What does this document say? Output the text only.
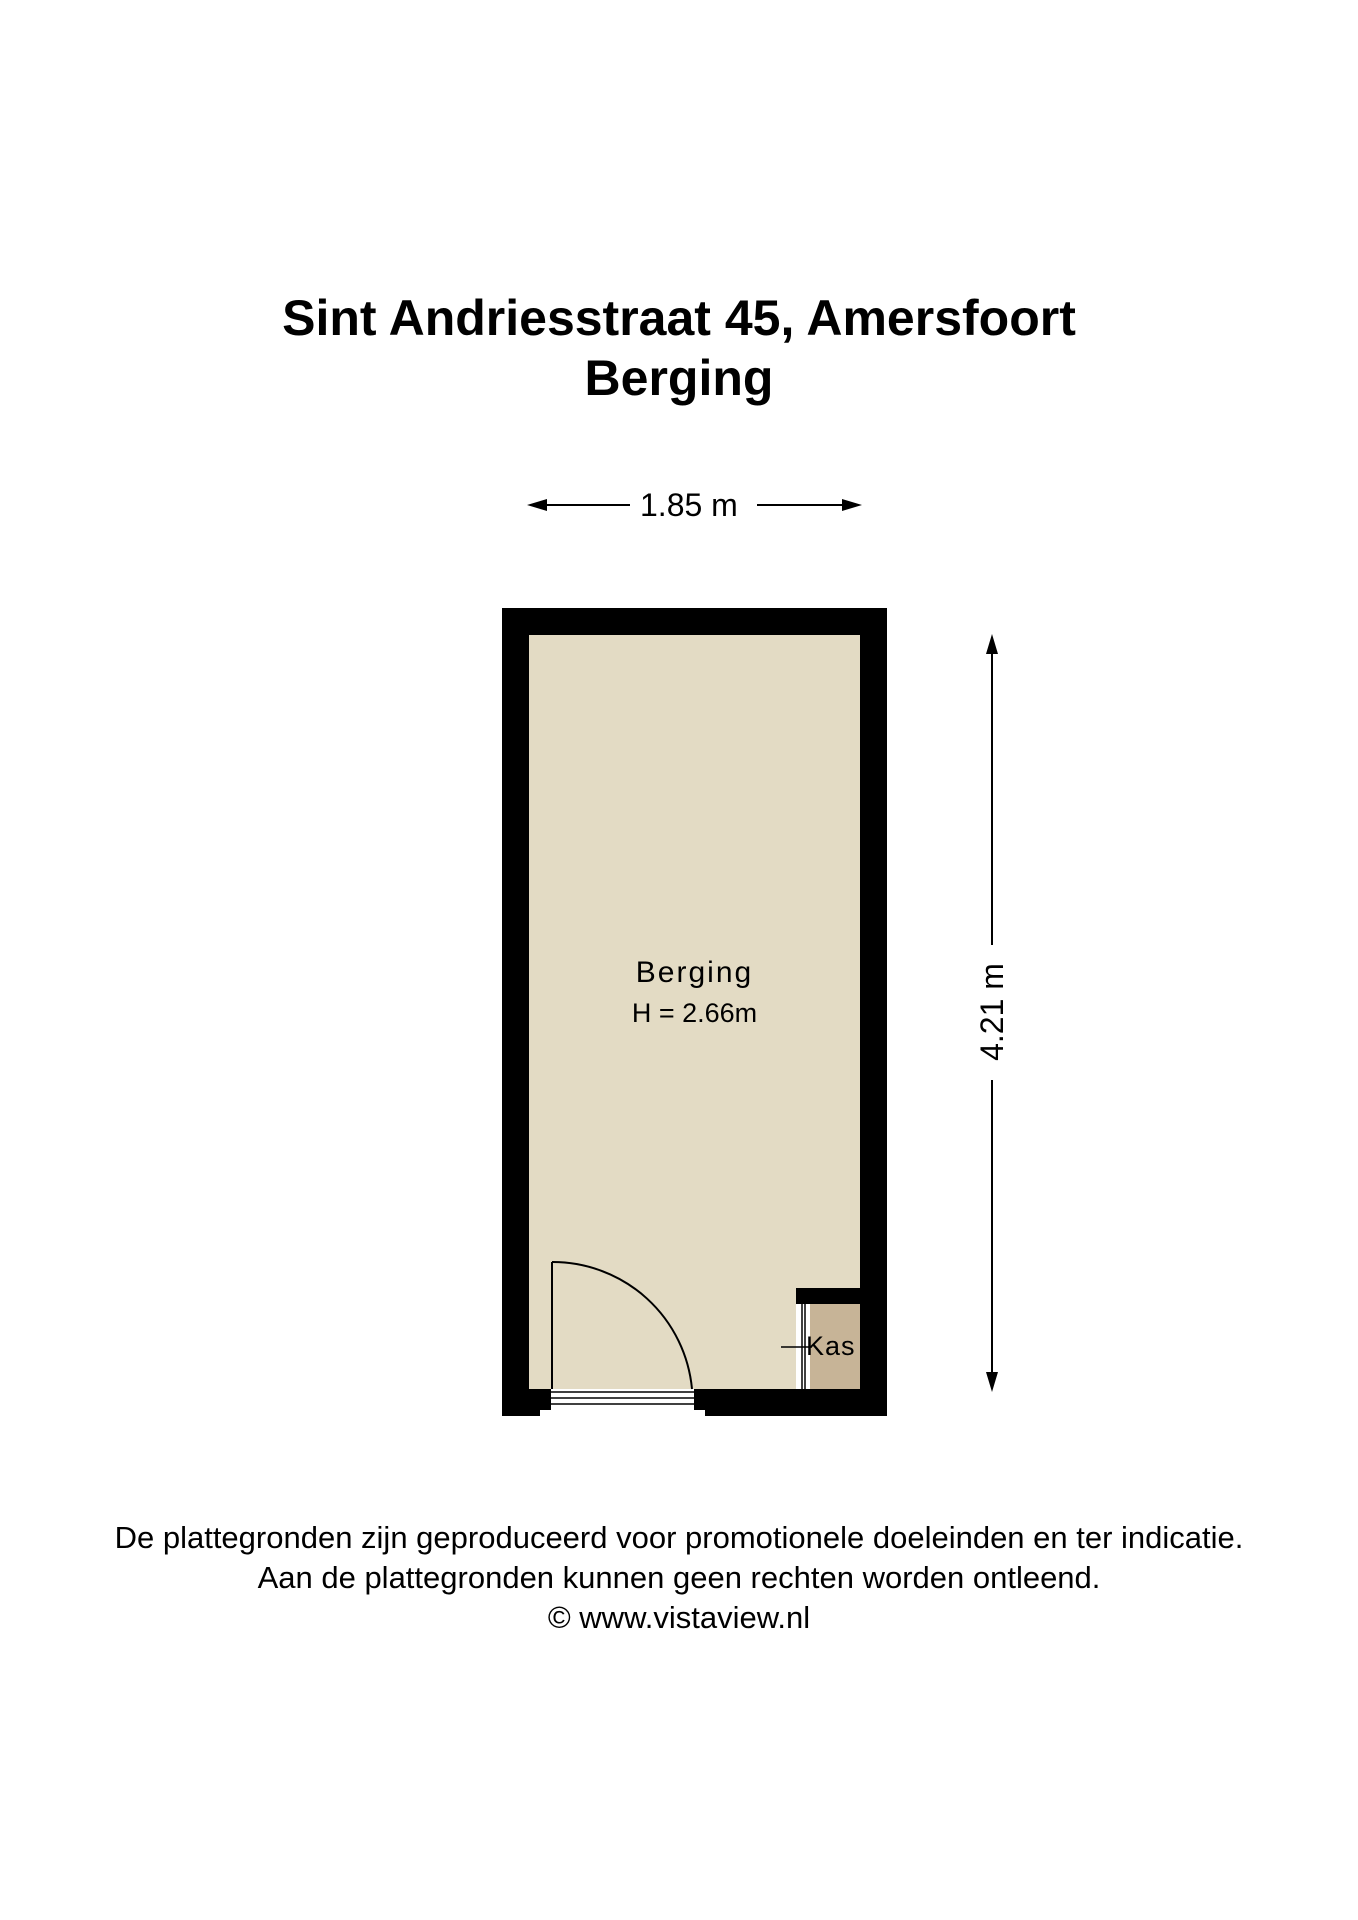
Sint Andriesstraat 45, Amersfoort
Berging
1.85 m
4.21 m
Berging
H = 2.66m
Kas
De plattegronden zijn geproduceerd voor promotionele doeleinden en ter indicatie.
Aan de plattegronden kunnen geen rechten worden ontleend.
© www.vistaview.nl
